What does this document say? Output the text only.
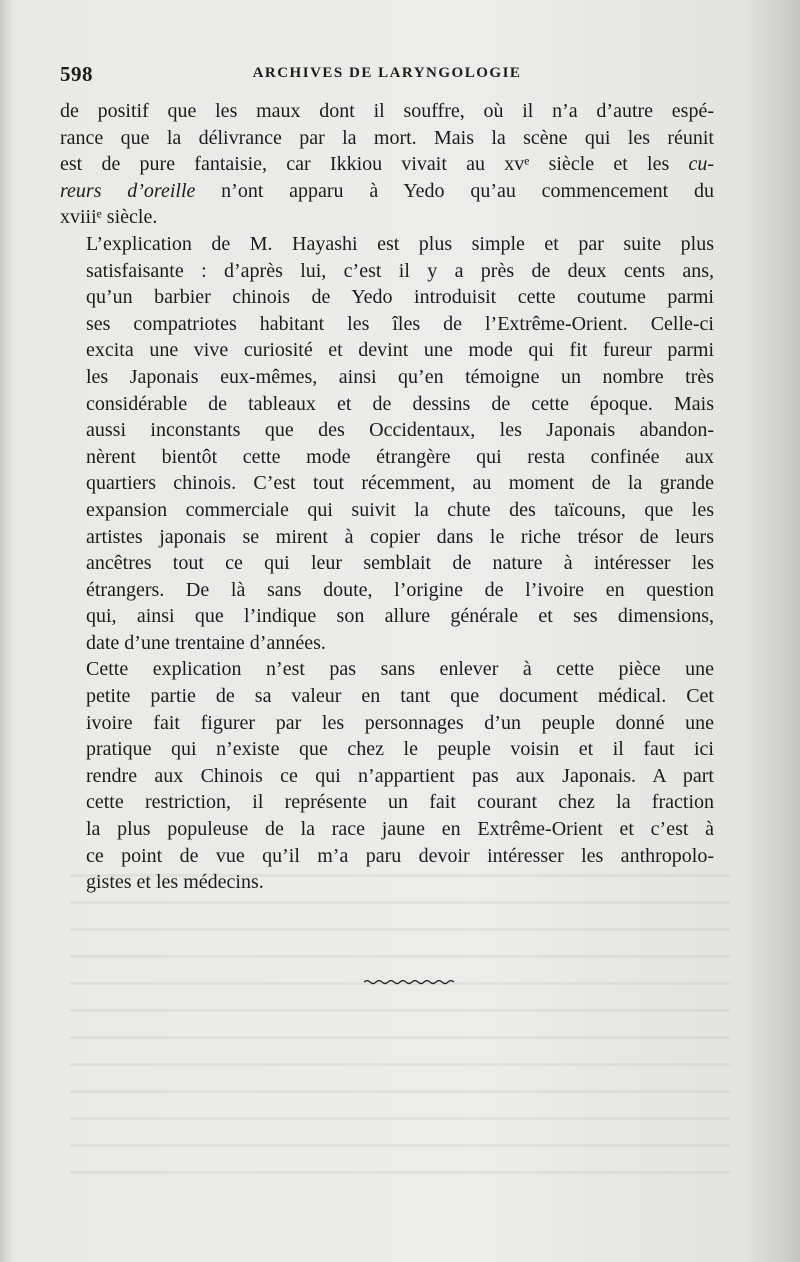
598	ARCHIVES DE LARYNGOLOGIE

de positif que les maux dont il souffre, où il n’a d’autre espé-
rance que la délivrance par la mort. Mais la scène qui les réunit
est de pure fantaisie, car Ikkiou vivait au xvᵉ siècle et les cu-
reurs d’oreille n’ont apparu à Yedo qu’au commencement du
xviiiᵉ siècle.

L’explication de M. Hayashi est plus simple et par suite plus
satisfaisante : d’après lui, c’est il y a près de deux cents ans,
qu’un barbier chinois de Yedo introduisit cette coutume parmi
ses compatriotes habitant les îles de l’Extrême-Orient. Celle-ci
excita une vive curiosité et devint une mode qui fit fureur parmi
les Japonais eux-mêmes, ainsi qu’en témoigne un nombre très
considérable de tableaux et de dessins de cette époque. Mais
aussi inconstants que des Occidentaux, les Japonais abandon-
nèrent bientôt cette mode étrangère qui resta confinée aux
quartiers chinois. C’est tout récemment, au moment de la grande
expansion commerciale qui suivit la chute des taïcouns, que les
artistes japonais se mirent à copier dans le riche trésor de leurs
ancêtres tout ce qui leur semblait de nature à intéresser les
étrangers. De là sans doute, l’origine de l’ivoire en question
qui, ainsi que l’indique son allure générale et ses dimensions,
date d’une trentaine d’années.

Cette explication n’est pas sans enlever à cette pièce une
petite partie de sa valeur en tant que document médical. Cet
ivoire fait figurer par les personnages d’un peuple donné une
pratique qui n’existe que chez le peuple voisin et il faut ici
rendre aux Chinois ce qui n’appartient pas aux Japonais. A part
cette restriction, il représente un fait courant chez la fraction
la plus populeuse de la race jaune en Extrême-Orient et c’est à
ce point de vue qu’il m’a paru devoir intéresser les anthropolo-
gistes et les médecins.
